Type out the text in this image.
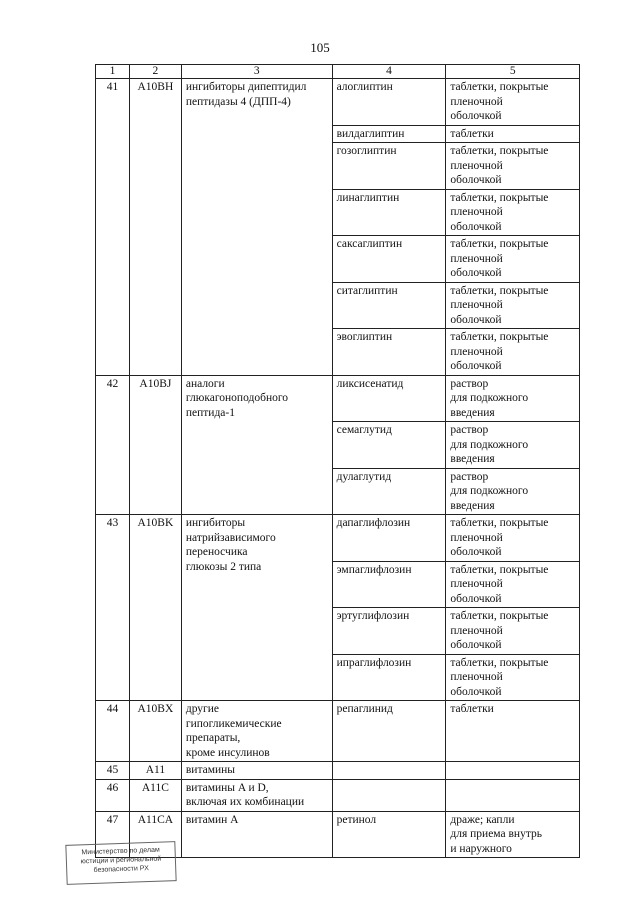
105
1	2	3	4	5
41	A10BH	ингибиторы дипептидил
пептидазы 4 (ДПП-4)	алоглиптин	таблетки, покрытые
пленочной
оболочкой

			вилдаглиптин	таблетки

			гозоглиптин	таблетки, покрытые
пленочной
оболочкой

			линаглиптин	таблетки, покрытые
пленочной
оболочкой

			саксаглиптин	таблетки, покрытые
пленочной
оболочкой

			ситаглиптин	таблетки, покрытые
пленочной
оболочкой

			эвоглиптин	таблетки, покрытые
пленочной
оболочкой

42	A10BJ	аналоги
глюкагоноподобного
пептида-1	ликсисенатид	раствор
для подкожного
введения

			семаглутид	раствор
для подкожного
введения

			дулаглутид	раствор
для подкожного
введения

43	A10BK	ингибиторы
натрийзависимого
переносчика
глюкозы 2 типа	дапаглифлозин	таблетки, покрытые
пленочной
оболочкой

			эмпаглифлозин	таблетки, покрытые
пленочной
оболочкой

			эртуглифлозин	таблетки, покрытые
пленочной
оболочкой

			ипраглифлозин	таблетки, покрытые
пленочной
оболочкой

44	A10BX	другие
гипогликемические
препараты,
кроме инсулинов	репаглинид	таблетки

45	A11	витамины		

46	A11C	витамины A и D,
включая их комбинации		

47	A11CA	витамин A	ретинол	драже; капли
для приема внутрь
и наружного
Министерство по делам
юстиции и региональной
безопасности РХ
